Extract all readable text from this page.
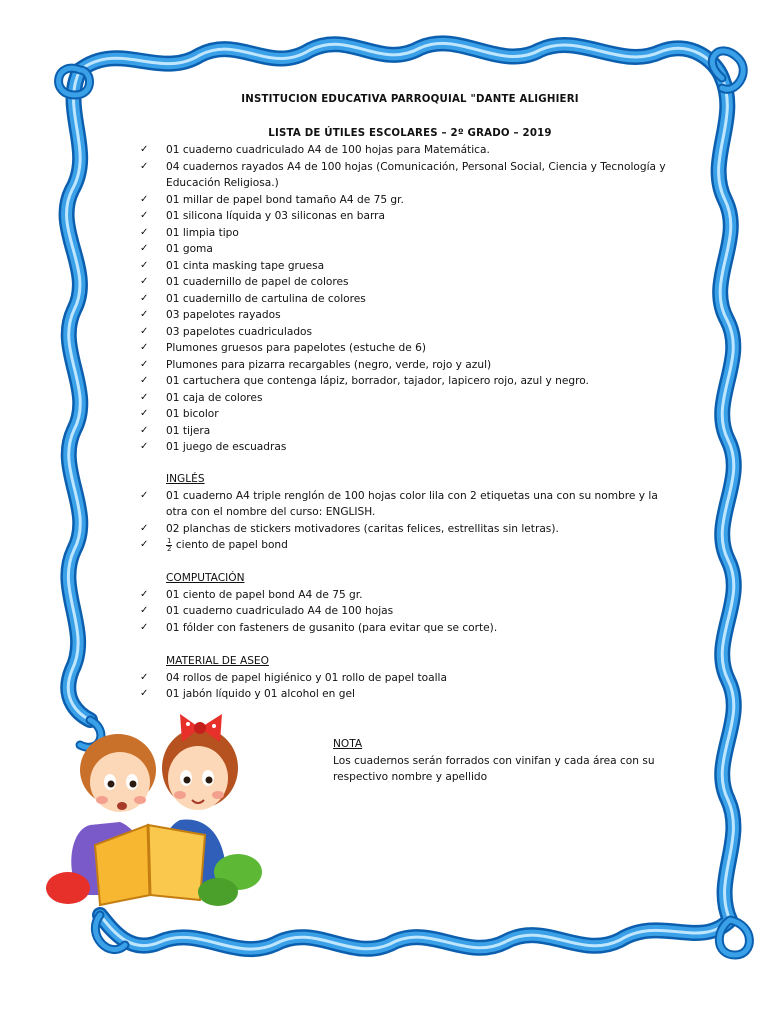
INSTITUCION EDUCATIVA PARROQUIAL "DANTE ALIGHIERI
LISTA DE ÚTILES ESCOLARES – 2º GRADO – 2019
✓ 01 cuaderno cuadriculado A4 de 100 hojas para Matemática.
✓ 04 cuadernos rayados A4 de 100 hojas (Comunicación, Personal Social, Ciencia y Tecnología y Educación Religiosa.)
✓ 01 millar de papel bond tamaño A4 de 75 gr.
✓ 01 silicona líquida y 03 siliconas en barra
✓ 01 limpia tipo
✓ 01 goma
✓ 01 cinta masking tape gruesa
✓ 01 cuadernillo de papel de colores
✓ 01 cuadernillo de cartulina de colores
✓ 03 papelotes rayados
✓ 03 papelotes cuadriculados
✓ Plumones gruesos para papelotes (estuche de 6)
✓ Plumones para pizarra recargables (negro, verde, rojo y azul)
✓ 01 cartuchera que contenga lápiz, borrador, tajador, lapicero rojo, azul y negro.
✓ 01 caja de colores
✓ 01 bicolor
✓ 01 tijera
✓ 01 juego de escuadras
INGLÉS
✓ 01 cuaderno A4 triple renglón de 100 hojas color lila con 2 etiquetas una con su nombre y la otra con el nombre del curso: ENGLISH.
✓ 02 planchas de stickers motivadores (caritas felices, estrellitas sin letras).
✓	$\frac{1}{2}$ ciento de papel bond
COMPUTACIÓN
✓ 01 ciento de papel bond A4 de 75 gr.
✓ 01 cuaderno cuadriculado A4 de 100 hojas
✓ 01 fólder con fasteners de gusanito (para evitar que se corte).
MATERIAL DE ASEO
✓ 04 rollos de papel higiénico y 01 rollo de papel toalla
✓ 01 jabón líquido y 01 alcohol en gel
NOTA
Los cuadernos serán forrados con vinifan y cada área con su respectivo nombre y apellido
